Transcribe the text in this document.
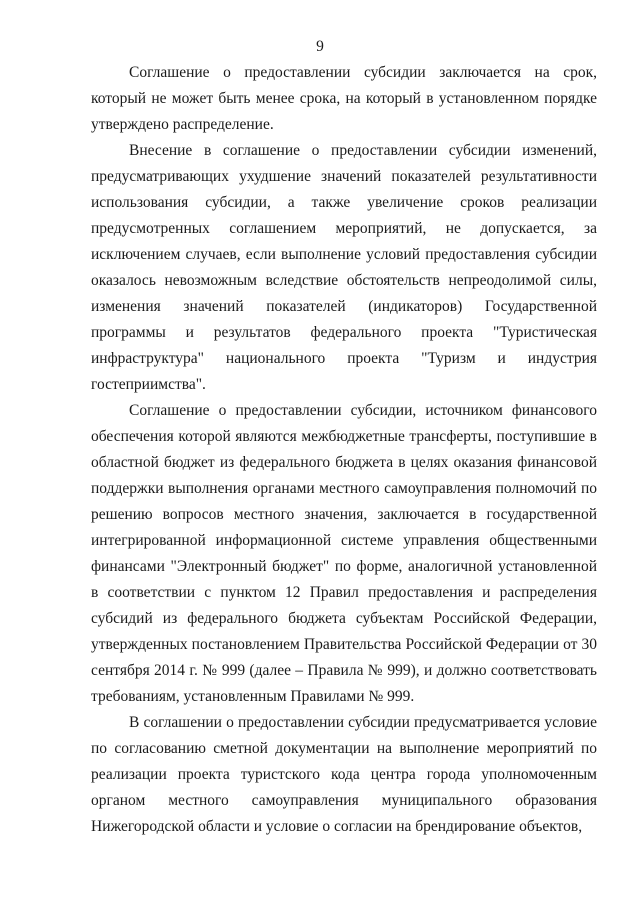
9

Соглашение о предоставлении субсидии заключается на срок, который не может быть менее срока, на который в установленном порядке утверждено распределение.

Внесение в соглашение о предоставлении субсидии изменений, предусматривающих ухудшение значений показателей результативности использования субсидии, а также увеличение сроков реализации предусмотренных соглашением мероприятий, не допускается, за исключением случаев, если выполнение условий предоставления субсидии оказалось невозможным вследствие обстоятельств непреодолимой силы, изменения значений показателей (индикаторов) Государственной программы и результатов федерального проекта "Туристическая инфраструктура" национального проекта "Туризм и индустрия гостеприимства".

Соглашение о предоставлении субсидии, источником финансового обеспечения которой являются межбюджетные трансферты, поступившие в областной бюджет из федерального бюджета в целях оказания финансовой поддержки выполнения органами местного самоуправления полномочий по решению вопросов местного значения, заключается в государственной интегрированной информационной системе управления общественными финансами "Электронный бюджет" по форме, аналогичной установленной в соответствии с пунктом 12 Правил предоставления и распределения субсидий из федерального бюджета субъектам Российской Федерации, утвержденных постановлением Правительства Российской Федерации от 30 сентября 2014 г. № 999 (далее – Правила № 999), и должно соответствовать требованиям, установленным Правилами № 999.

В соглашении о предоставлении субсидии предусматривается условие по согласованию сметной документации на выполнение мероприятий по реализации проекта туристского кода центра города уполномоченным органом местного самоуправления муниципального образования Нижегородской области и условие о согласии на брендирование объектов,
